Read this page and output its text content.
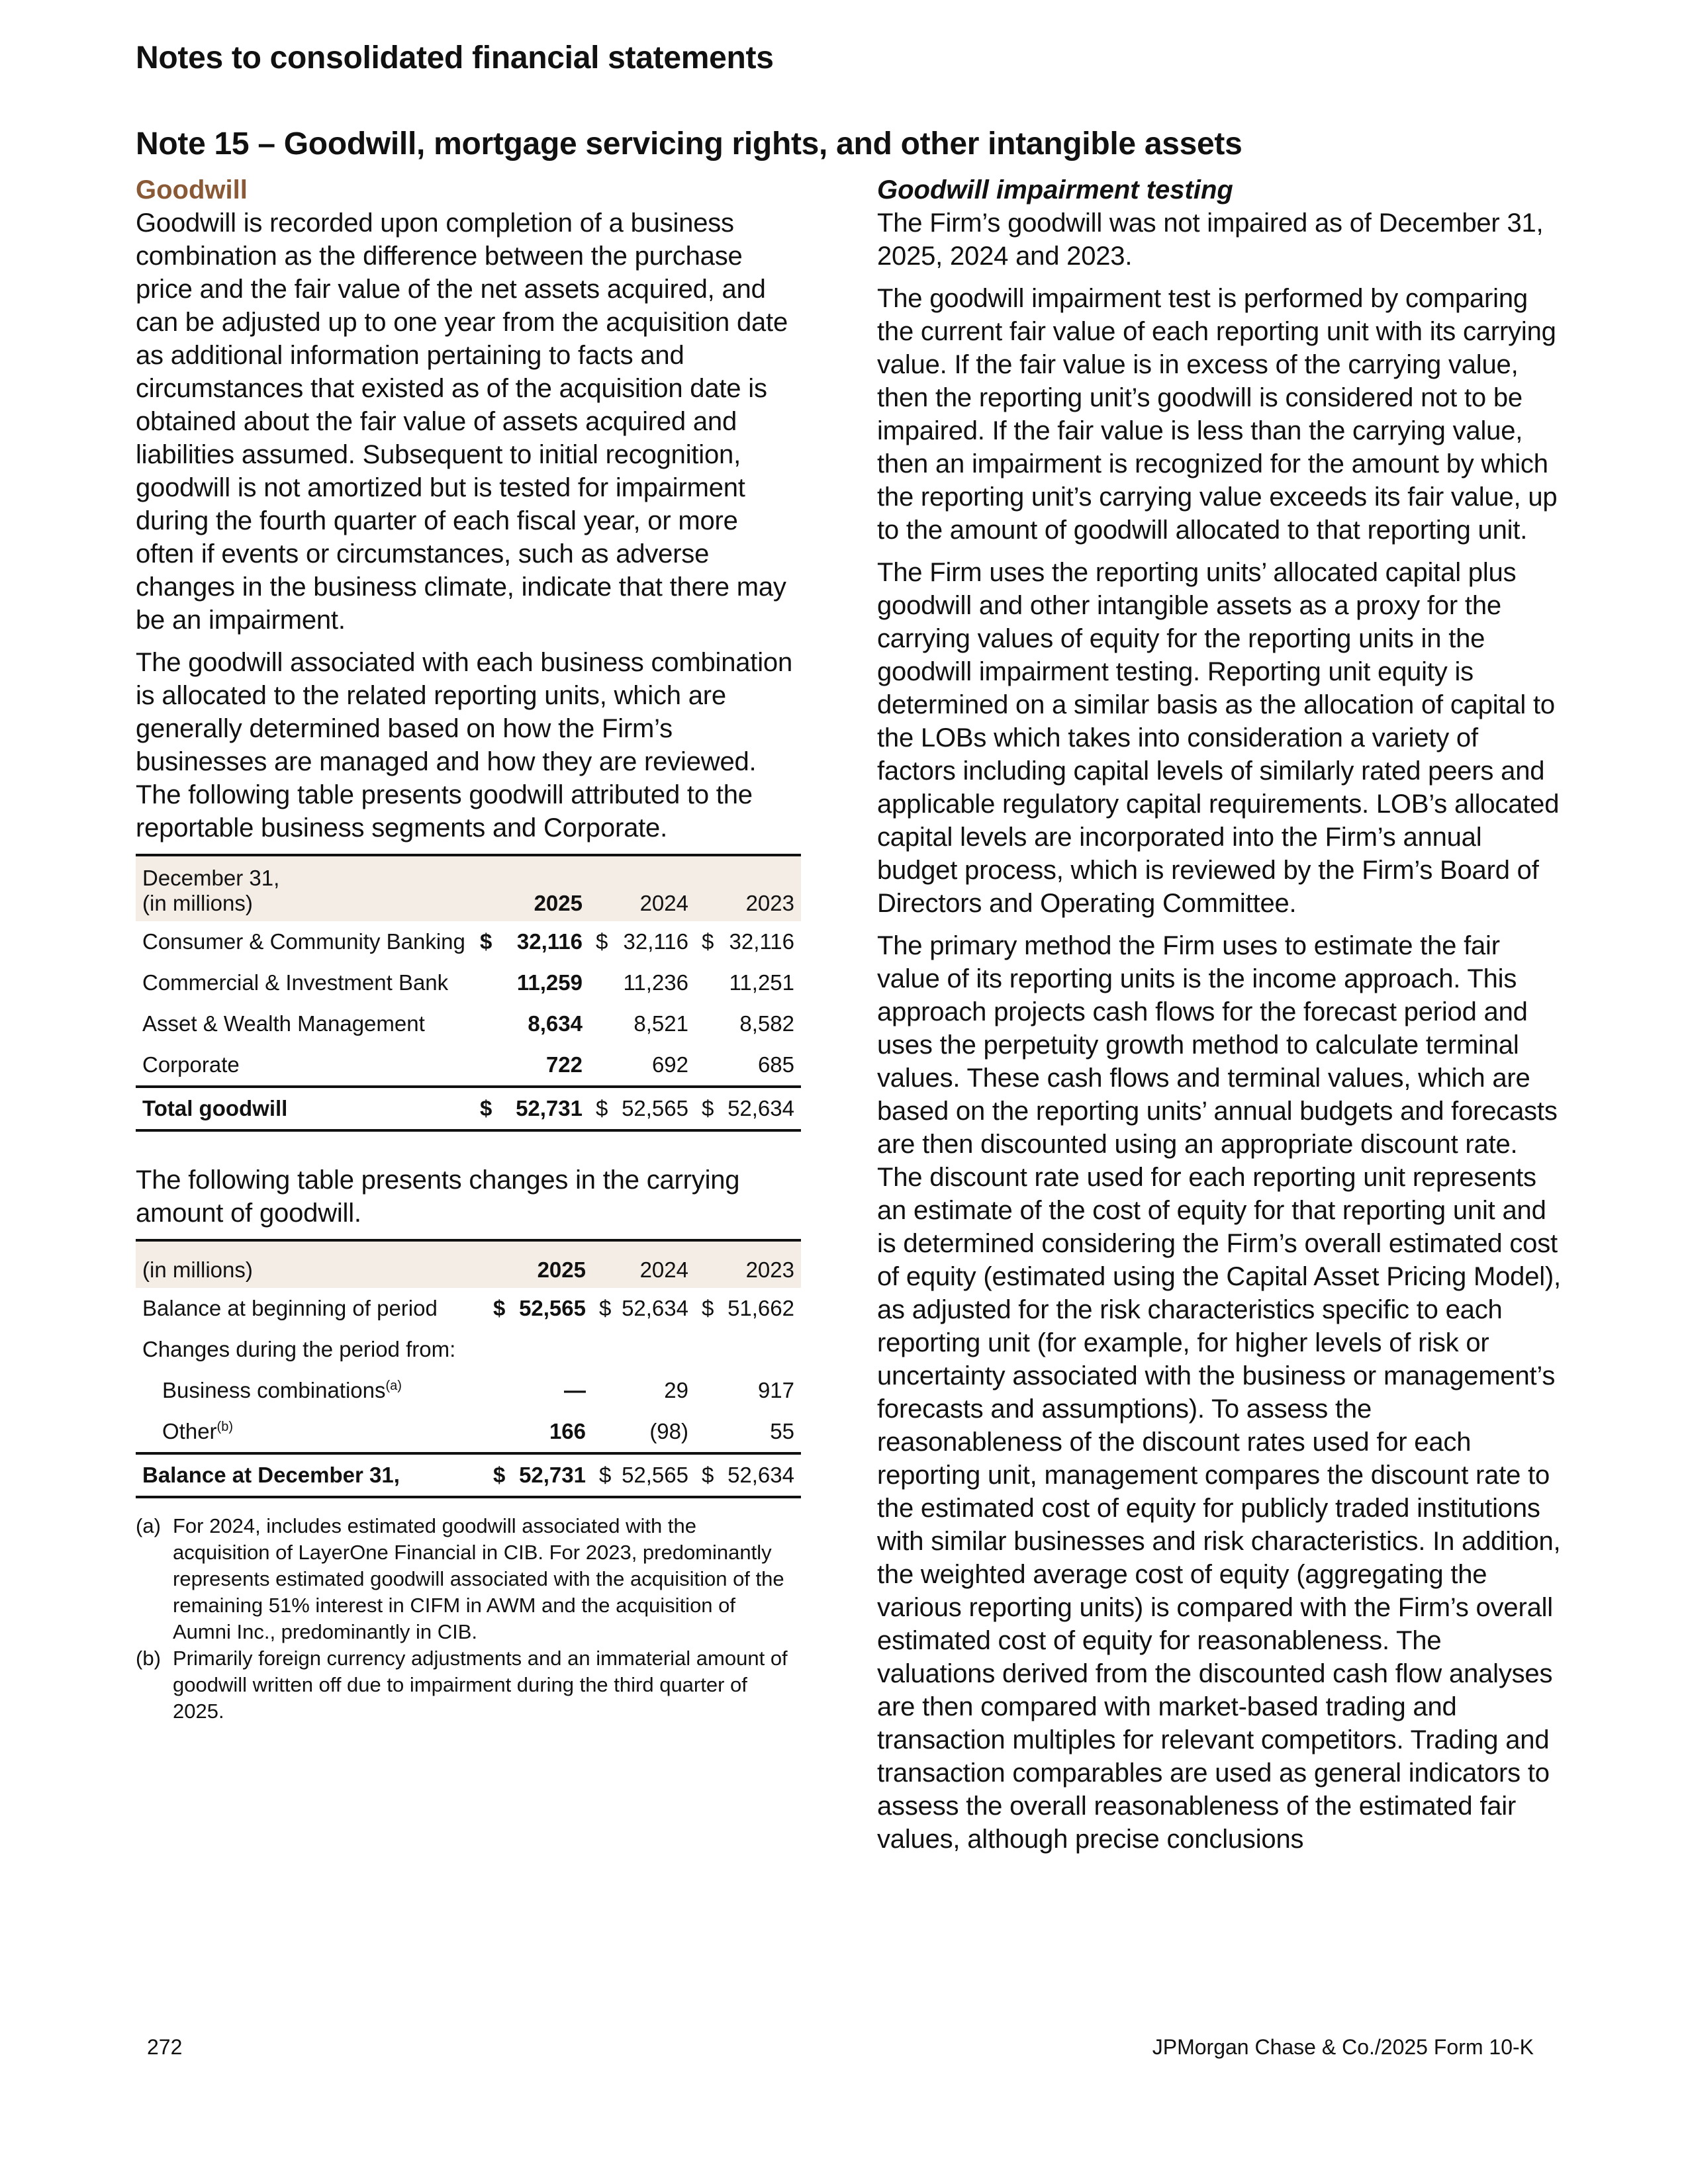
Notes to consolidated financial statements
Note 15 – Goodwill, mortgage servicing rights, and other intangible assets
Goodwill

Goodwill is recorded upon completion of a business combination as the difference between the purchase price and the fair value of the net assets acquired, and can be adjusted up to one year from the acquisition date as additional information pertaining to facts and circumstances that existed as of the acquisition date is obtained about the fair value of assets acquired and liabilities assumed. Subsequent to initial recognition, goodwill is not amortized but is tested for impairment during the fourth quarter of each fiscal year, or more often if events or circumstances, such as adverse changes in the business climate, indicate that there may be an impairment.

The goodwill associated with each business combination is allocated to the related reporting units, which are generally determined based on how the Firm’s businesses are managed and how they are reviewed. The following table presents goodwill attributed to the reportable business segments and Corporate.

December 31,
(in millions)	2025	2024	2023
Consumer & Community Banking	$ 32,116	$ 32,116	$ 32,116

Commercial & Investment Bank	11,259	11,236	11,251
Asset & Wealth Management	8,634	8,521	8,582
Corporate	722	692	685
Total goodwill	$ 52,731	$ 52,565	$ 52,634

The following table presents changes in the carrying amount of goodwill.

(in millions)	2025	2024	2023
Balance at beginning of period	$ 52,565	$ 52,634	$ 51,662

Changes during the period from:			
Business combinations$^{(a)}$	—	29	917
Other$^{(b)}$	166	(98)	55
Balance at December 31,	$ 52,731	$ 52,565	$ 52,634
(a) For 2024, includes estimated goodwill associated with the acquisition of LayerOne Financial in CIB. For 2023, predominantly represents estimated goodwill associated with the acquisition of the remaining 51% interest in CIFM in AWM and the acquisition of Aumni Inc., predominantly in CIB.
(b) Primarily foreign currency adjustments and an immaterial amount of goodwill written off due to impairment during the third quarter of 2025.
Goodwill impairment testing

The Firm’s goodwill was not impaired as of December 31, 2025, 2024 and 2023.

The goodwill impairment test is performed by comparing the current fair value of each reporting unit with its carrying value. If the fair value is in excess of the carrying value, then the reporting unit’s goodwill is considered not to be impaired. If the fair value is less than the carrying value, then an impairment is recognized for the amount by which the reporting unit’s carrying value exceeds its fair value, up to the amount of goodwill allocated to that reporting unit.

The Firm uses the reporting units’ allocated capital plus goodwill and other intangible assets as a proxy for the carrying values of equity for the reporting units in the goodwill impairment testing. Reporting unit equity is determined on a similar basis as the allocation of capital to the LOBs which takes into consideration a variety of factors including capital levels of similarly rated peers and applicable regulatory capital requirements. LOB’s allocated capital levels are incorporated into the Firm’s annual budget process, which is reviewed by the Firm’s Board of Directors and Operating Committee.

The primary method the Firm uses to estimate the fair value of its reporting units is the income approach. This approach projects cash flows for the forecast period and uses the perpetuity growth method to calculate terminal values. These cash flows and terminal values, which are based on the reporting units’ annual budgets and forecasts are then discounted using an appropriate discount rate. The discount rate used for each reporting unit represents an estimate of the cost of equity for that reporting unit and is determined considering the Firm’s overall estimated cost of equity (estimated using the Capital Asset Pricing Model), as adjusted for the risk characteristics specific to each reporting unit (for example, for higher levels of risk or uncertainty associated with the business or management’s forecasts and assumptions). To assess the reasonableness of the discount rates used for each reporting unit, management compares the discount rate to the estimated cost of equity for publicly traded institutions with similar businesses and risk characteristics. In addition, the weighted average cost of equity (aggregating the various reporting units) is compared with the Firm’s overall estimated cost of equity for reasonableness. The valuations derived from the discounted cash flow analyses are then compared with market-based trading and transaction multiples for relevant competitors. Trading and transaction comparables are used as general indicators to assess the overall reasonableness of the estimated fair values, although precise conclusions

272	JPMorgan Chase & Co./2025 Form 10-K
